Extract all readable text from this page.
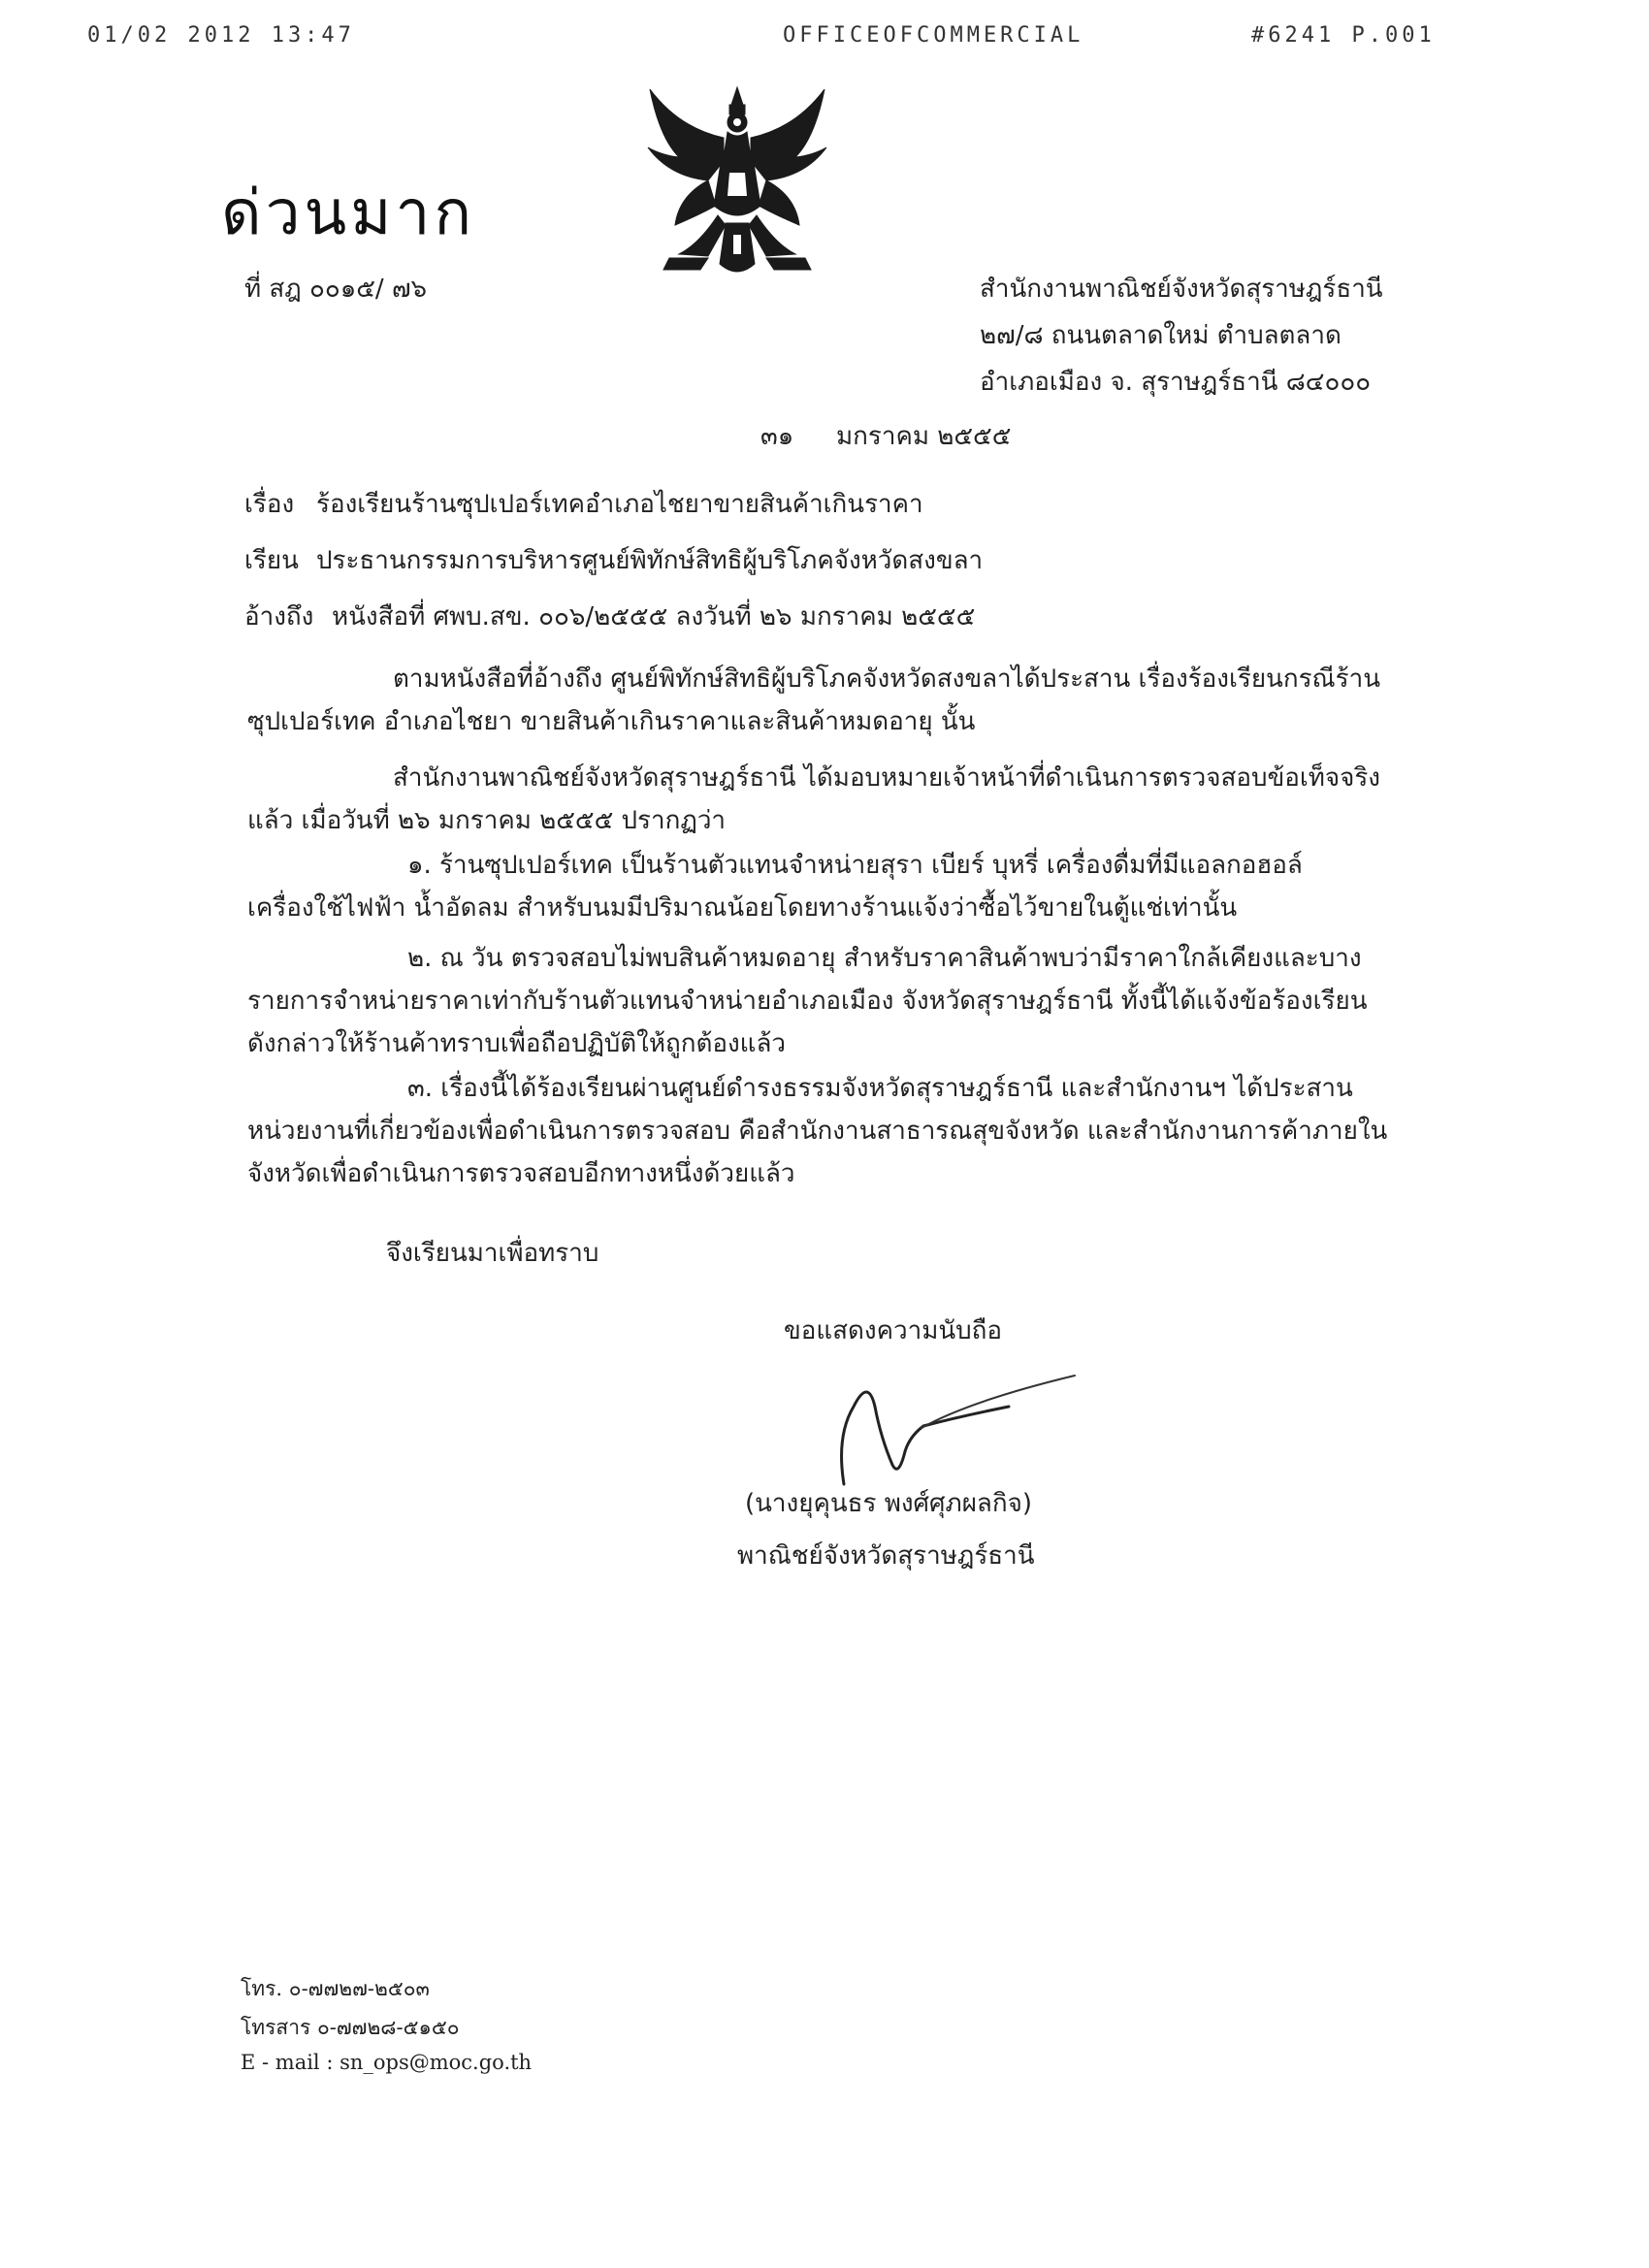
01/02 2012 13:47	OFFICEOFCOMMERCIAL	#6241 P.001
ด่วนมาก
ที่ สฎ ๐๐๑๕/ ๗๖	สำนักงานพาณิชย์จังหวัดสุราษฎร์ธานี
๒๗/๘ ถนนตลาดใหม่ ตำบลตลาด
อำเภอเมือง จ. สุราษฎร์ธานี ๘๔๐๐๐
๓๑ มกราคม ๒๕๕๕
เรื่อง ร้องเรียนร้านซุปเปอร์เทคอำเภอไชยาขายสินค้าเกินราคา
เรียน ประธานกรรมการบริหารศูนย์พิทักษ์สิทธิผู้บริโภคจังหวัดสงขลา
อ้างถึง หนังสือที่ ศพบ.สข. ๐๐๖/๒๕๕๕ ลงวันที่ ๒๖ มกราคม ๒๕๕๕
ตามหนังสือที่อ้างถึง ศูนย์พิทักษ์สิทธิผู้บริโภคจังหวัดสงขลาได้ประสาน เรื่องร้องเรียนกรณีร้าน
ซุปเปอร์เทค อำเภอไชยา ขายสินค้าเกินราคาและสินค้าหมดอายุ นั้น
สำนักงานพาณิชย์จังหวัดสุราษฎร์ธานี ได้มอบหมายเจ้าหน้าที่ดำเนินการตรวจสอบข้อเท็จจริง
แล้ว เมื่อวันที่ ๒๖ มกราคม ๒๕๕๕ ปรากฏว่า
๑. ร้านซุปเปอร์เทค เป็นร้านตัวแทนจำหน่ายสุรา เบียร์ บุหรี่ เครื่องดื่มที่มีแอลกอฮอล์
เครื่องใช้ไฟฟ้า น้ำอัดลม สำหรับนมมีปริมาณน้อยโดยทางร้านแจ้งว่าซื้อไว้ขายในตู้แช่เท่านั้น
๒. ณ วัน ตรวจสอบไม่พบสินค้าหมดอายุ สำหรับราคาสินค้าพบว่ามีราคาใกล้เคียงและบาง
รายการจำหน่ายราคาเท่ากับร้านตัวแทนจำหน่ายอำเภอเมือง จังหวัดสุราษฎร์ธานี ทั้งนี้ได้แจ้งข้อร้องเรียน
ดังกล่าวให้ร้านค้าทราบเพื่อถือปฏิบัติให้ถูกต้องแล้ว
๓. เรื่องนี้ได้ร้องเรียนผ่านศูนย์ดำรงธรรมจังหวัดสุราษฎร์ธานี และสำนักงานฯ ได้ประสาน
หน่วยงานที่เกี่ยวข้องเพื่อดำเนินการตรวจสอบ คือสำนักงานสาธารณสุขจังหวัด และสำนักงานการค้าภายใน
จังหวัดเพื่อดำเนินการตรวจสอบอีกทางหนึ่งด้วยแล้ว
จึงเรียนมาเพื่อทราบ
ขอแสดงความนับถือ
(นางยุคุนธร พงศ์ศุภผลกิจ)
พาณิชย์จังหวัดสุราษฎร์ธานี
โทร. ๐-๗๗๒๗-๒๕๐๓
โทรสาร ๐-๗๗๒๘-๕๑๕๐
E - mail : sn_ops@moc.go.th
